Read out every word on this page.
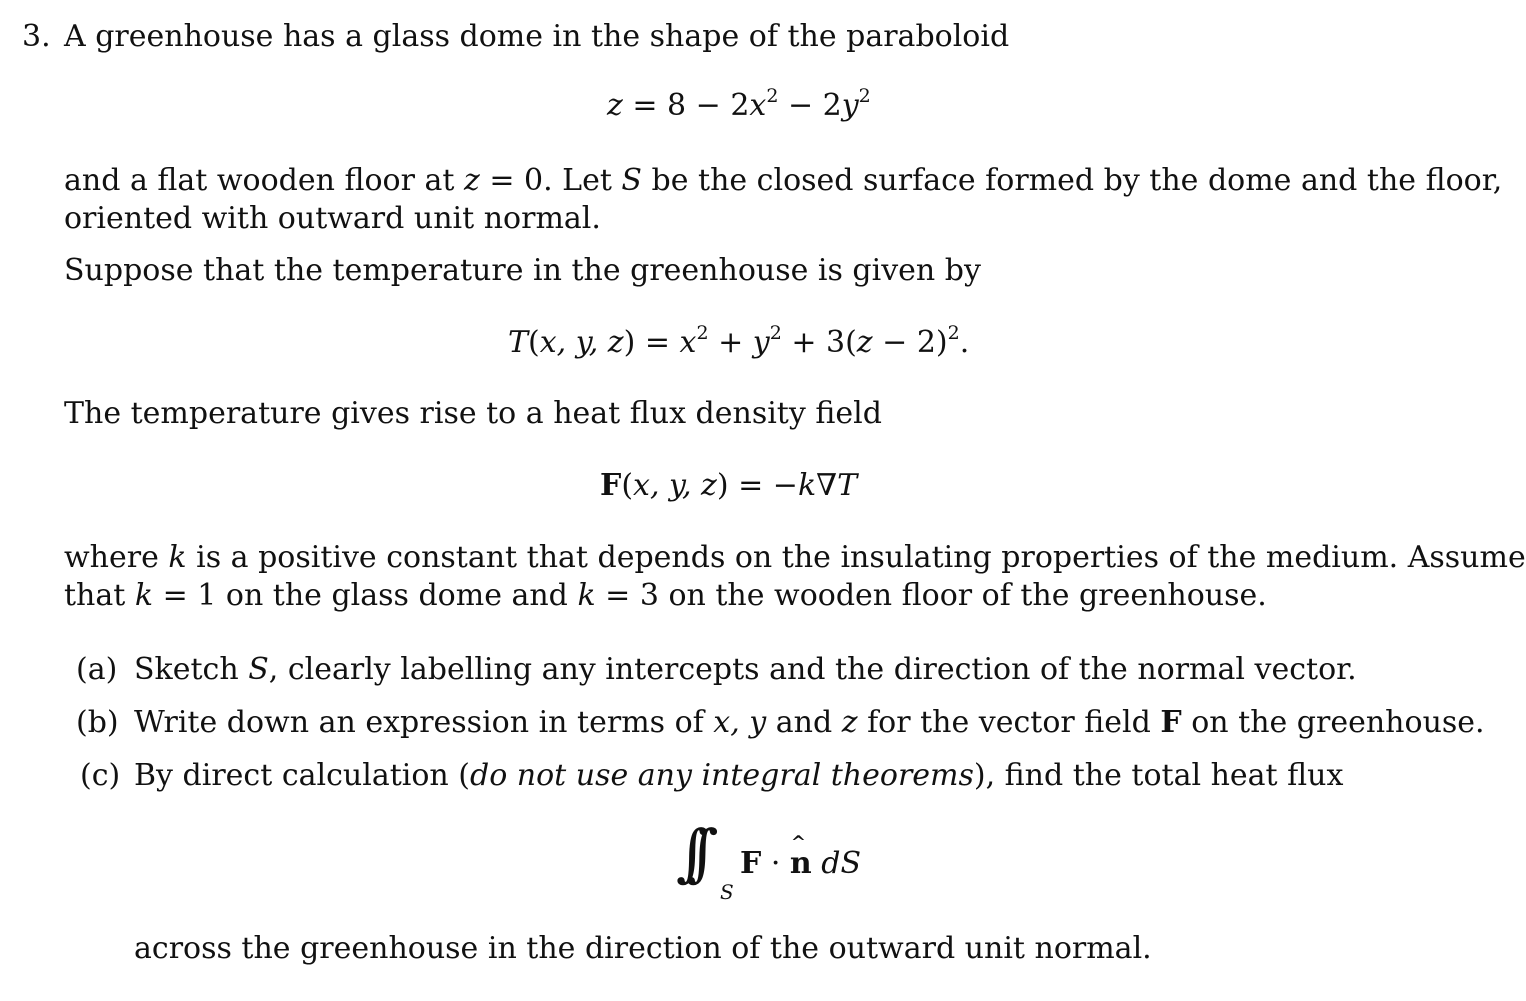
3. A greenhouse has a glass dome in the shape of the paraboloid
$z = 8 - 2x^2 - 2y^2$
and a flat wooden floor at z = 0. Let S be the closed surface formed by the dome and the floor,
oriented with outward unit normal.
Suppose that the temperature in the greenhouse is given by
T(x, y, $z) = x^2 + y^2 + 3(z - 2)^2$.
The temperature gives rise to a heat flux density field
F(x, y, z) = −k∇T
where k is a positive constant that depends on the insulating properties of the medium. Assume
that k = 1 on the glass dome and k = 3 on the wooden floor of the greenhouse.
(a) Sketch S, clearly labelling any intercepts and the direction of the normal vector.
(b) Write down an expression in terms of x, y and z for the vector field F on the greenhouse.
(c) By direct calculation (do not use any integral theorems), find the total heat flux
∫∫
S
F · n ^ dS
across the greenhouse in the direction of the outward unit normal.
